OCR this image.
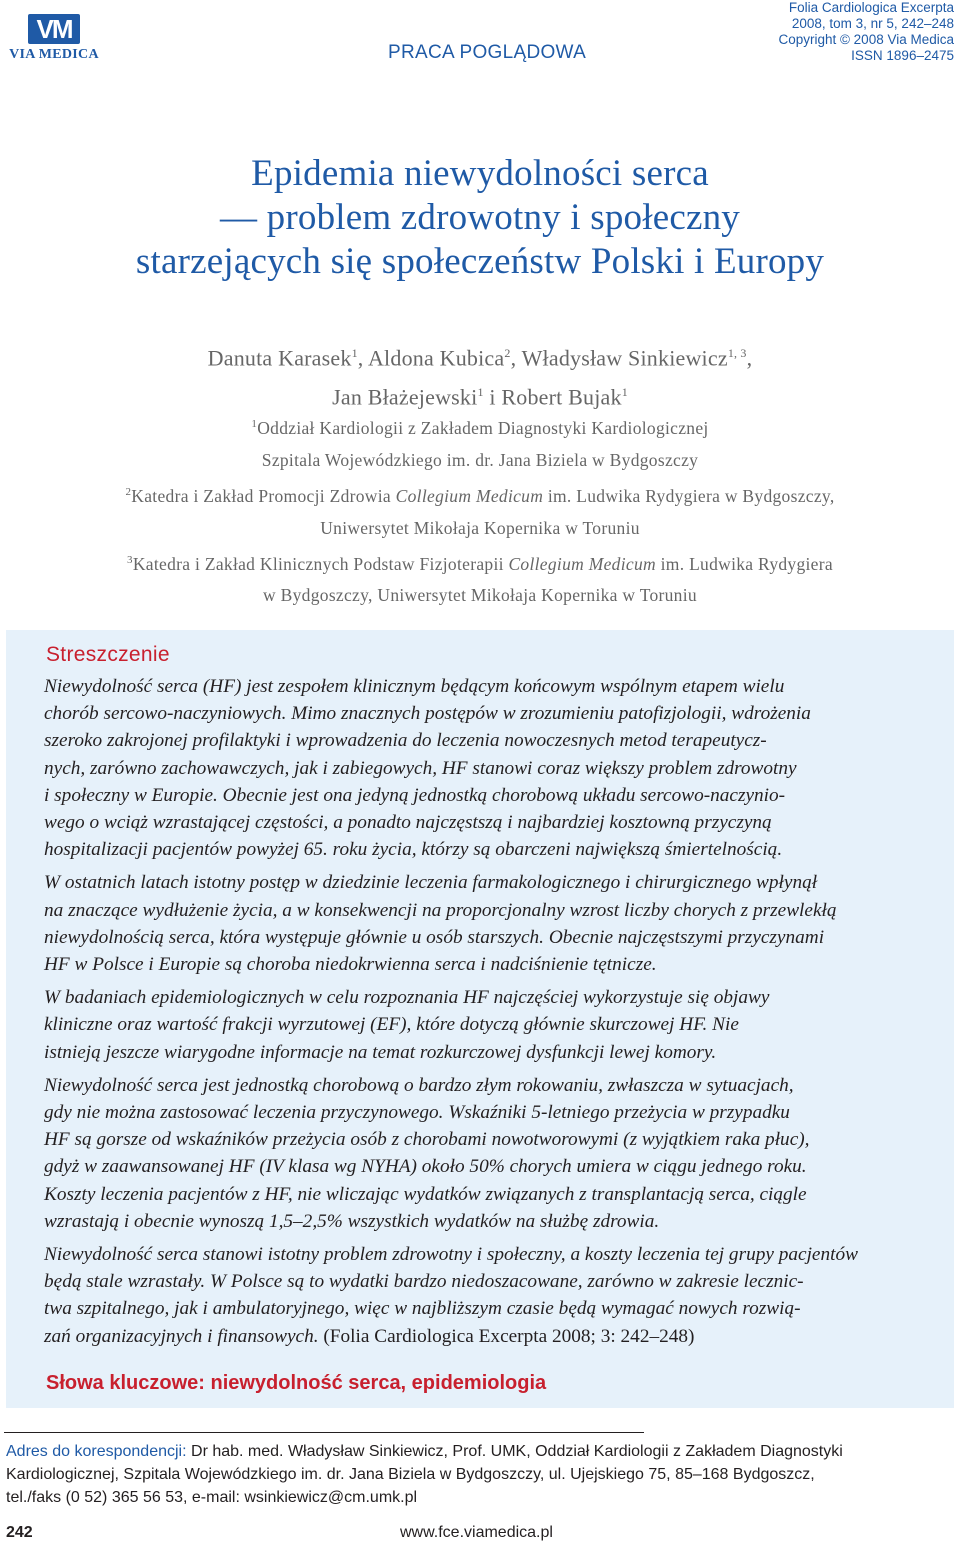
VM
VIA MEDICA	PRACA POGLĄDOWA
Folia Cardiologica Excerpta
2008, tom 3, nr 5, 242–248
Copyright © 2008 Via Medica
ISSN 1896–2475
Epidemia niewydolności serca
— problem zdrowotny i społeczny
starzejących się społeczeństw Polski i Europy
Danuta Karasek$^1$, Aldona Kubica$^2$, Władysław Sinkiewicz$^{1, 3}$,
Jan Błażejewski$^1$ i Robert Bujak$^1$
$^1$Oddział Kardiologii z Zakładem Diagnostyki Kardiologicznej
Szpitala Wojewódzkiego im. dr. Jana Biziela w Bydgoszczy
$^2$Katedra i Zakład Promocji Zdrowia Collegium Medicum im. Ludwika Rydygiera w Bydgoszczy,
Uniwersytet Mikołaja Kopernika w Toruniu
$^3$Katedra i Zakład Klinicznych Podstaw Fizjoterapii Collegium Medicum im. Ludwika Rydygiera
w Bydgoszczy, Uniwersytet Mikołaja Kopernika w Toruniu
Streszczenie

Niewydolność serca (HF) jest zespołem klinicznym będącym końcowym wspólnym etapem wielu
chorób sercowo-naczyniowych. Mimo znacznych postępów w zrozumieniu patofizjologii, wdrożenia
szeroko zakrojonej profilaktyki i wprowadzenia do leczenia nowoczesnych metod terapeutycz-
nych, zarówno zachowawczych, jak i zabiegowych, HF stanowi coraz większy problem zdrowotny
i społeczny w Europie. Obecnie jest ona jedyną jednostką chorobową układu sercowo-naczynio-
wego o wciąż wzrastającej częstości, a ponadto najczęstszą i najbardziej kosztowną przyczyną
hospitalizacji pacjentów powyżej 65. roku życia, którzy są obarczeni największą śmiertelnością.

W ostatnich latach istotny postęp w dziedzinie leczenia farmakologicznego i chirurgicznego wpłynął
na znaczące wydłużenie życia, a w konsekwencji na proporcjonalny wzrost liczby chorych z przewlekłą
niewydolnością serca, która występuje głównie u osób starszych. Obecnie najczęstszymi przyczynami
HF w Polsce i Europie są choroba niedokrwienna serca i nadciśnienie tętnicze.

W badaniach epidemiologicznych w celu rozpoznania HF najczęściej wykorzystuje się objawy
kliniczne oraz wartość frakcji wyrzutowej (EF), które dotyczą głównie skurczowej HF. Nie
istnieją jeszcze wiarygodne informacje na temat rozkurczowej dysfunkcji lewej komory.

Niewydolność serca jest jednostką chorobową o bardzo złym rokowaniu, zwłaszcza w sytuacjach,
gdy nie można zastosować leczenia przyczynowego. Wskaźniki 5-letniego przeżycia w przypadku
HF są gorsze od wskaźników przeżycia osób z chorobami nowotworowymi (z wyjątkiem raka płuc),
gdyż w zaawansowanej HF (IV klasa wg NYHA) około 50% chorych umiera w ciągu jednego roku.
Koszty leczenia pacjentów z HF, nie wliczając wydatków związanych z transplantacją serca, ciągle
wzrastają i obecnie wynoszą 1,5–2,5% wszystkich wydatków na służbę zdrowia.

Niewydolność serca stanowi istotny problem zdrowotny i społeczny, a koszty leczenia tej grupy pacjentów
będą stale wzrastały. W Polsce są to wydatki bardzo niedoszacowane, zarówno w zakresie lecznic-
twa szpitalnego, jak i ambulatoryjnego, więc w najbliższym czasie będą wymagać nowych rozwią-
zań organizacyjnych i finansowych. (Folia Cardiologica Excerpta 2008; 3: 242–248)

Słowa kluczowe: niewydolność serca, epidemiologia
Adres do korespondencji: Dr hab. med. Władysław Sinkiewicz, Prof. UMK, Oddział Kardiologii z Zakładem Diagnostyki
Kardiologicznej, Szpitala Wojewódzkiego im. dr. Jana Biziela w Bydgoszczy, ul. Ujejskiego 75, 85–168 Bydgoszcz,
tel./faks (0 52) 365 56 53, e-mail: wsinkiewicz@cm.umk.pl
242	www.fce.viamedica.pl
